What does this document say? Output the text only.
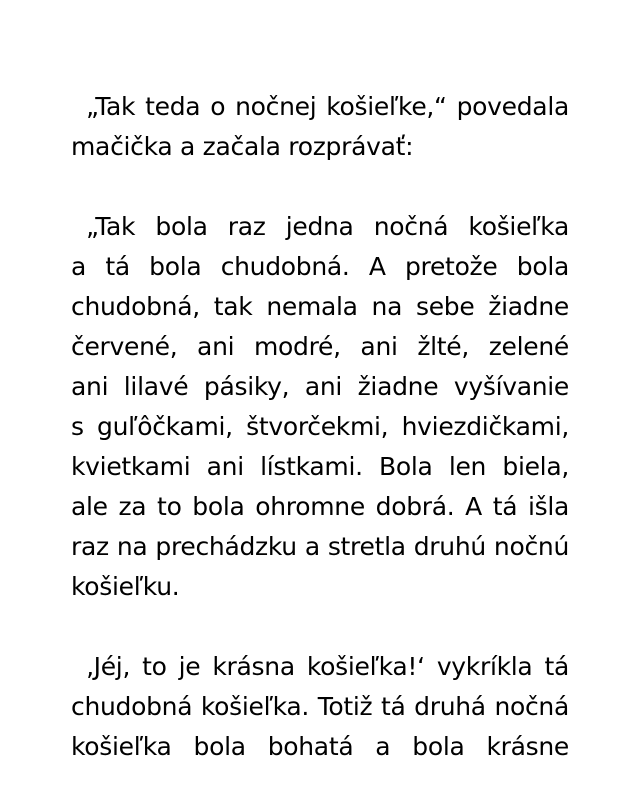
„Tak teda o nočnej košieľke,“ povedala
mačička a začala rozprávať:
„Tak bola raz jedna nočná košieľka
a tá bola chudobná. A pretože bola
chudobná, tak nemala na sebe žiadne
červené, ani modré, ani žlté, zelené
ani lilavé pásiky, ani žiadne vyšívanie
s guľôčkami, štvorčekmi, hviezdičkami,
kvietkami ani lístkami. Bola len biela,
ale za to bola ohromne dobrá. A tá išla
raz na prechádzku a stretla druhú nočnú
košieľku.
‚Jéj, to je krásna košieľka!‘ vykríkla tá
chudobná košieľka. Totiž tá druhá nočná
košieľka bola bohatá a bola krásne
